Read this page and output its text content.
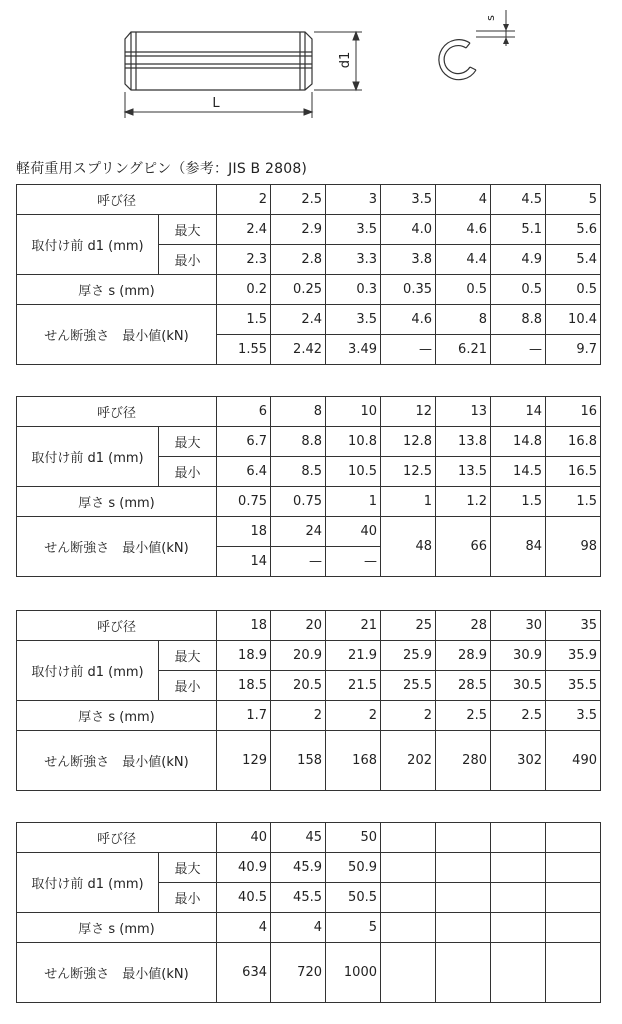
d1
L
s
軽荷重用スプリングピン（参考：JIS B 2808)
呼び径		2	2.5	3	3.5	4	4.5	5
取付け前 d1 (mm)	最大	2.4	2.9	3.5	4.0	4.6	5.1	5.6
	最小	2.3	2.8	3.3	3.8	4.4	4.9	5.4
厚さ s (mm)		0.2	0.25	0.3	0.35	0.5	0.5	0.5
せん断強さ　最小値(kN)		1.5	2.4	3.5	4.6	8	8.8	10.4
		1.55	2.42	3.49	—	6.21	—	9.7
呼び径		6	8	10	12	13	14	16
取付け前 d1 (mm)	最大	6.7	8.8	10.8	12.8	13.8	14.8	16.8
	最小	6.4	8.5	10.5	12.5	13.5	14.5	16.5
厚さ s (mm)		0.75	0.75	1	1	1.2	1.5	1.5
せん断強さ　最小値(kN)		18	24	40	48	66	84	98
		14	—	—				
呼び径		18	20	21	25	28	30	35
取付け前 d1 (mm)	最大	18.9	20.9	21.9	25.9	28.9	30.9	35.9
	最小	18.5	20.5	21.5	25.5	28.5	30.5	35.5
厚さ s (mm)		1.7	2	2	2	2.5	2.5	3.5
せん断強さ　最小値(kN)		129	158	168	202	280	302	490
呼び径		40	45	50				
取付け前 d1 (mm)	最大	40.9	45.9	50.9				
	最小	40.5	45.5	50.5				
厚さ s (mm)		4	4	5				
せん断強さ　最小値(kN)		634	720	1000				
